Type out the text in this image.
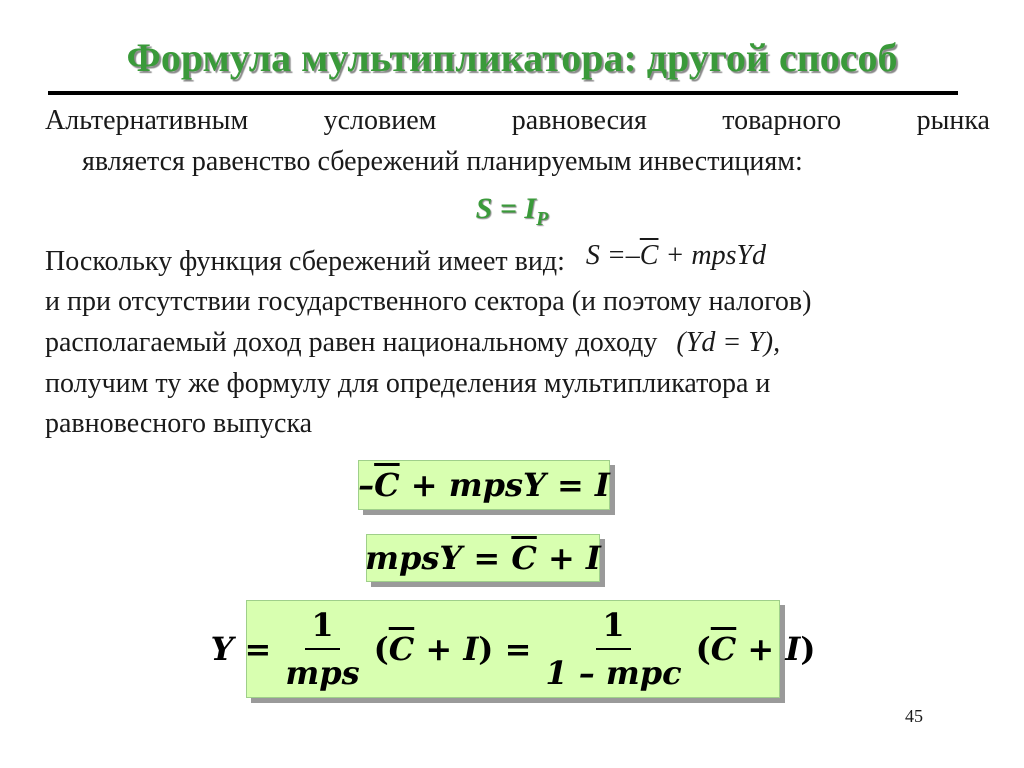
Формула мультипликатора: другой способ
Альтернативным	условием	равновесия	товарного	рынка
является равенство сбережений планируемым инвестициям:
$S = I_P$
Поскольку функция сбережений имеет вид: $S =-\overline{C}$ + mpsYd
и при отсутствии государственного сектора (и поэтому налогов)
располагаемый доход равен национальному доходу (Yd = Y),
получим ту же формулу для определения мультипликатора и
равновесного выпуска
– $\overline{C}$
+ mpsY = I
mpsY =
$\overline{C}$
+ I
$Y = \frac{1}{\text{mps}}$ ( $\overline{C}$
+ I ) = $\frac{1}{\text{1 – mpc}}$ ( $\overline{C}$
+ I )
45
